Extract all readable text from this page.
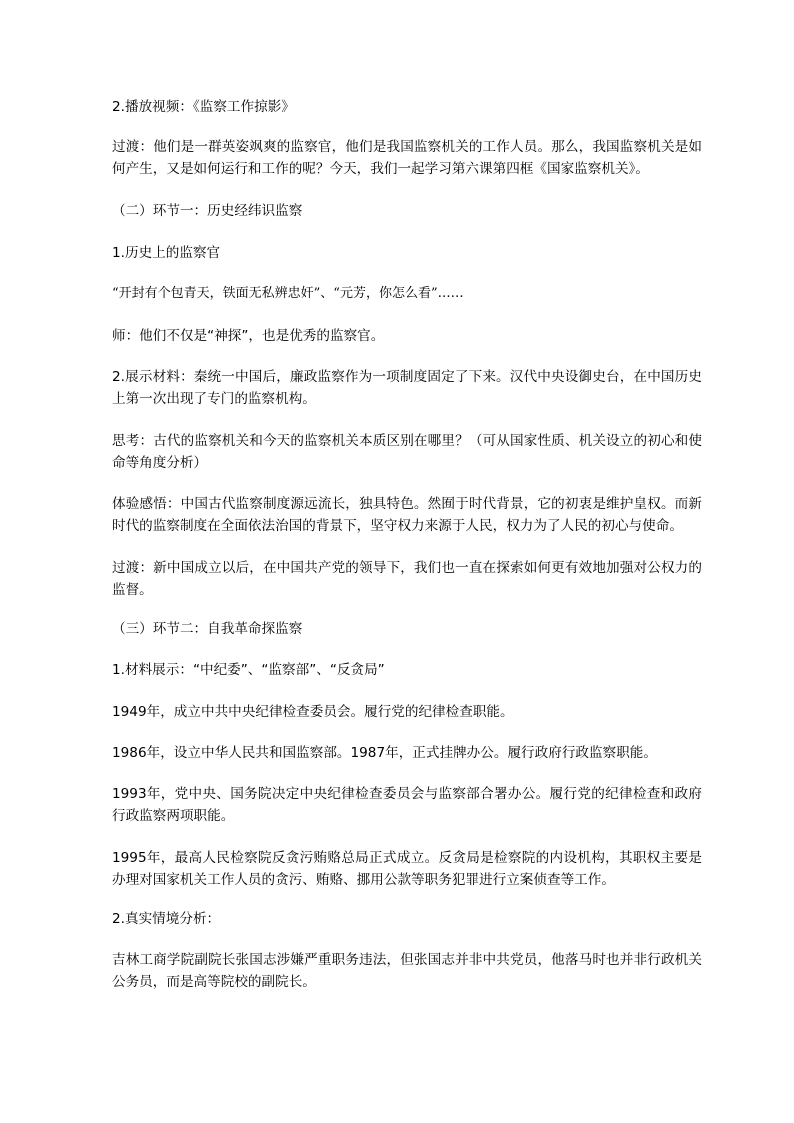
2.播放视频：《监察工作掠影》
过渡：他们是一群英姿飒爽的监察官，他们是我国监察机关的工作人员。那么，我国监察机关是如何产生，又是如何运行和工作的呢？今天，我们一起学习第六课第四框《国家监察机关》。
（二）环节一：历史经纬识监察
1.历史上的监察官
“开封有个包青天，铁面无私辨忠奸”、“元芳，你怎么看”……
师：他们不仅是“神探”，也是优秀的监察官。
2.展示材料：秦统一中国后，廉政监察作为一项制度固定了下来。汉代中央设御史台，在中国历史上第一次出现了专门的监察机构。
思考：古代的监察机关和今天的监察机关本质区别在哪里？（可从国家性质、机关设立的初心和使命等角度分析）
体验感悟：中国古代监察制度源远流长，独具特色。然囿于时代背景，它的初衷是维护皇权。而新时代的监察制度在全面依法治国的背景下，坚守权力来源于人民，权力为了人民的初心与使命。
过渡：新中国成立以后，在中国共产党的领导下，我们也一直在探索如何更有效地加强对公权力的监督。
（三）环节二：自我革命探监察
1.材料展示：“中纪委”、“监察部”、“反贪局”
1949年，成立中共中央纪律检查委员会。履行党的纪律检查职能。
1986年，设立中华人民共和国监察部。1987年，正式挂牌办公。履行政府行政监察职能。
1993年，党中央、国务院决定中央纪律检查委员会与监察部合署办公。履行党的纪律检查和政府行政监察两项职能。
1995年，最高人民检察院反贪污贿赂总局正式成立。反贪局是检察院的内设机构，其职权主要是办理对国家机关工作人员的贪污、贿赂、挪用公款等职务犯罪进行立案侦查等工作。
2.真实情境分析：
吉林工商学院副院长张国志涉嫌严重职务违法，但张国志并非中共党员，他落马时也并非行政机关公务员，而是高等院校的副院长。
